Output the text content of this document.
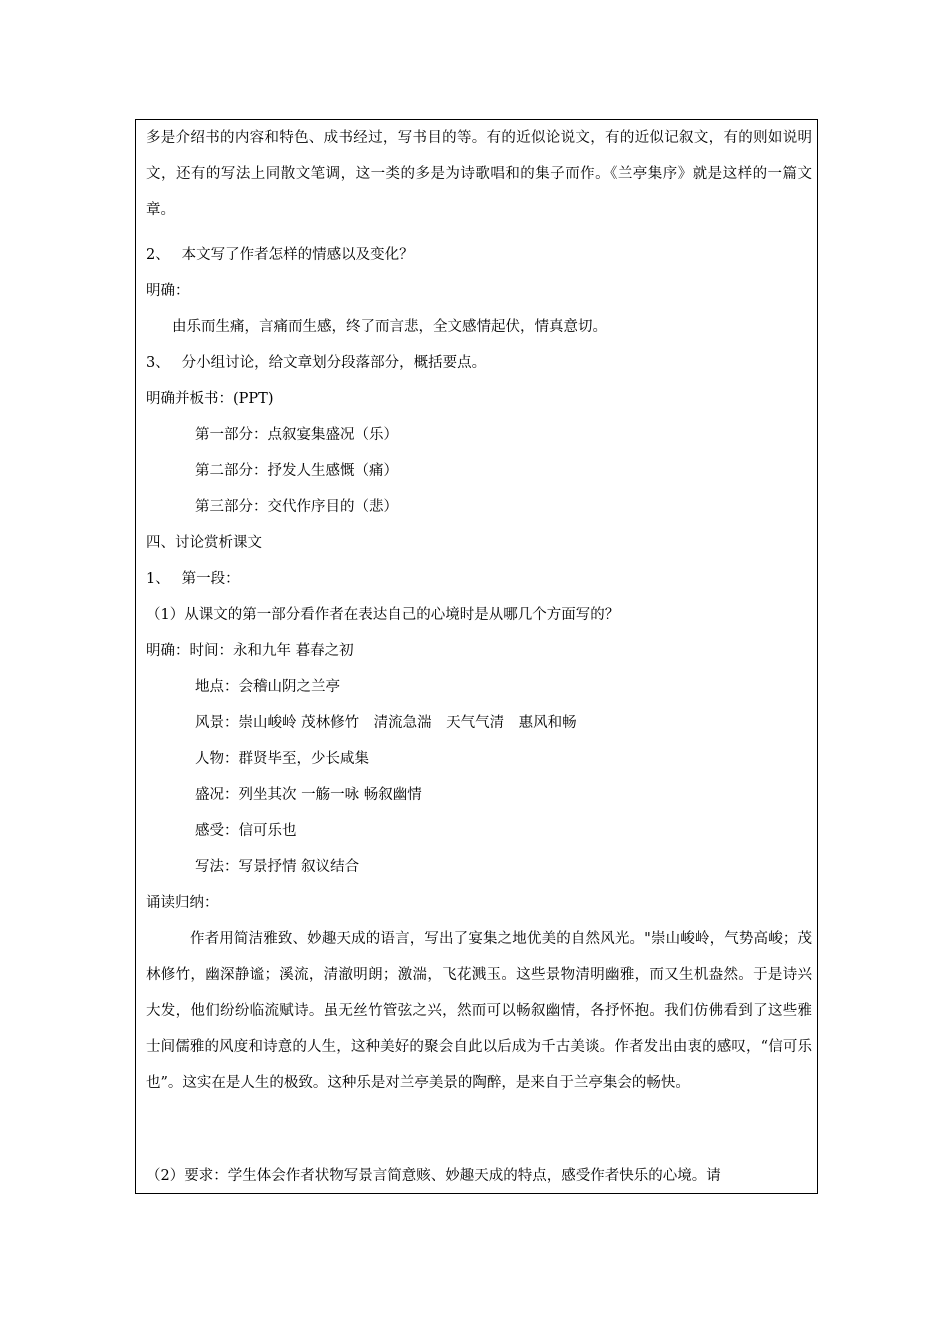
多是介绍书的内容和特色、成书经过，写书目的等。有的近似论说文，有的近似记叙文，有的则如说明文，还有的写法上同散文笔调，这一类的多是为诗歌唱和的集子而作。《兰亭集序》就是这样的一篇文章。
2、　 本文写了作者怎样的情感以及变化？
明确：
由乐而生痛，言痛而生感，终了而言悲，全文感情起伏，情真意切。
3、　 分小组讨论，给文章划分段落部分，概括要点。
明确并板书：(PPT)
第一部分：点叙宴集盛况（乐）
第二部分：抒发人生感慨（痛）
第三部分：交代作序目的（悲）
四、讨论赏析课文
1、　 第一段：
（1）从课文的第一部分看作者在表达自己的心境时是从哪几个方面写的？
明确：时间：永和九年 暮春之初
地点：会稽山阴之兰亭
风景：崇山峻岭 茂林修竹　清流急湍　天气气清　惠风和畅
人物：群贤毕至，少长咸集
盛况：列坐其次 一觞一咏 畅叙幽情
感受：信可乐也
写法：写景抒情 叙议结合
诵读归纳：
　　　作者用简洁雅致、妙趣天成的语言，写出了宴集之地优美的自然风光。"崇山峻岭，气势高峻；茂林修竹，幽深静谧；溪流，清澈明朗；激湍，飞花溅玉。这些景物清明幽雅，而又生机盎然。于是诗兴大发，他们纷纷临流赋诗。虽无丝竹管弦之兴，然而可以畅叙幽情，各抒怀抱。我们仿佛看到了这些雅士间儒雅的风度和诗意的人生，这种美好的聚会自此以后成为千古美谈。作者发出由衷的感叹，“信可乐也”。这实在是人生的极致。这种乐是对兰亭美景的陶醉，是来自于兰亭集会的畅快。
（2）要求：学生体会作者状物写景言简意赅、妙趣天成的特点，感受作者快乐的心境。请
